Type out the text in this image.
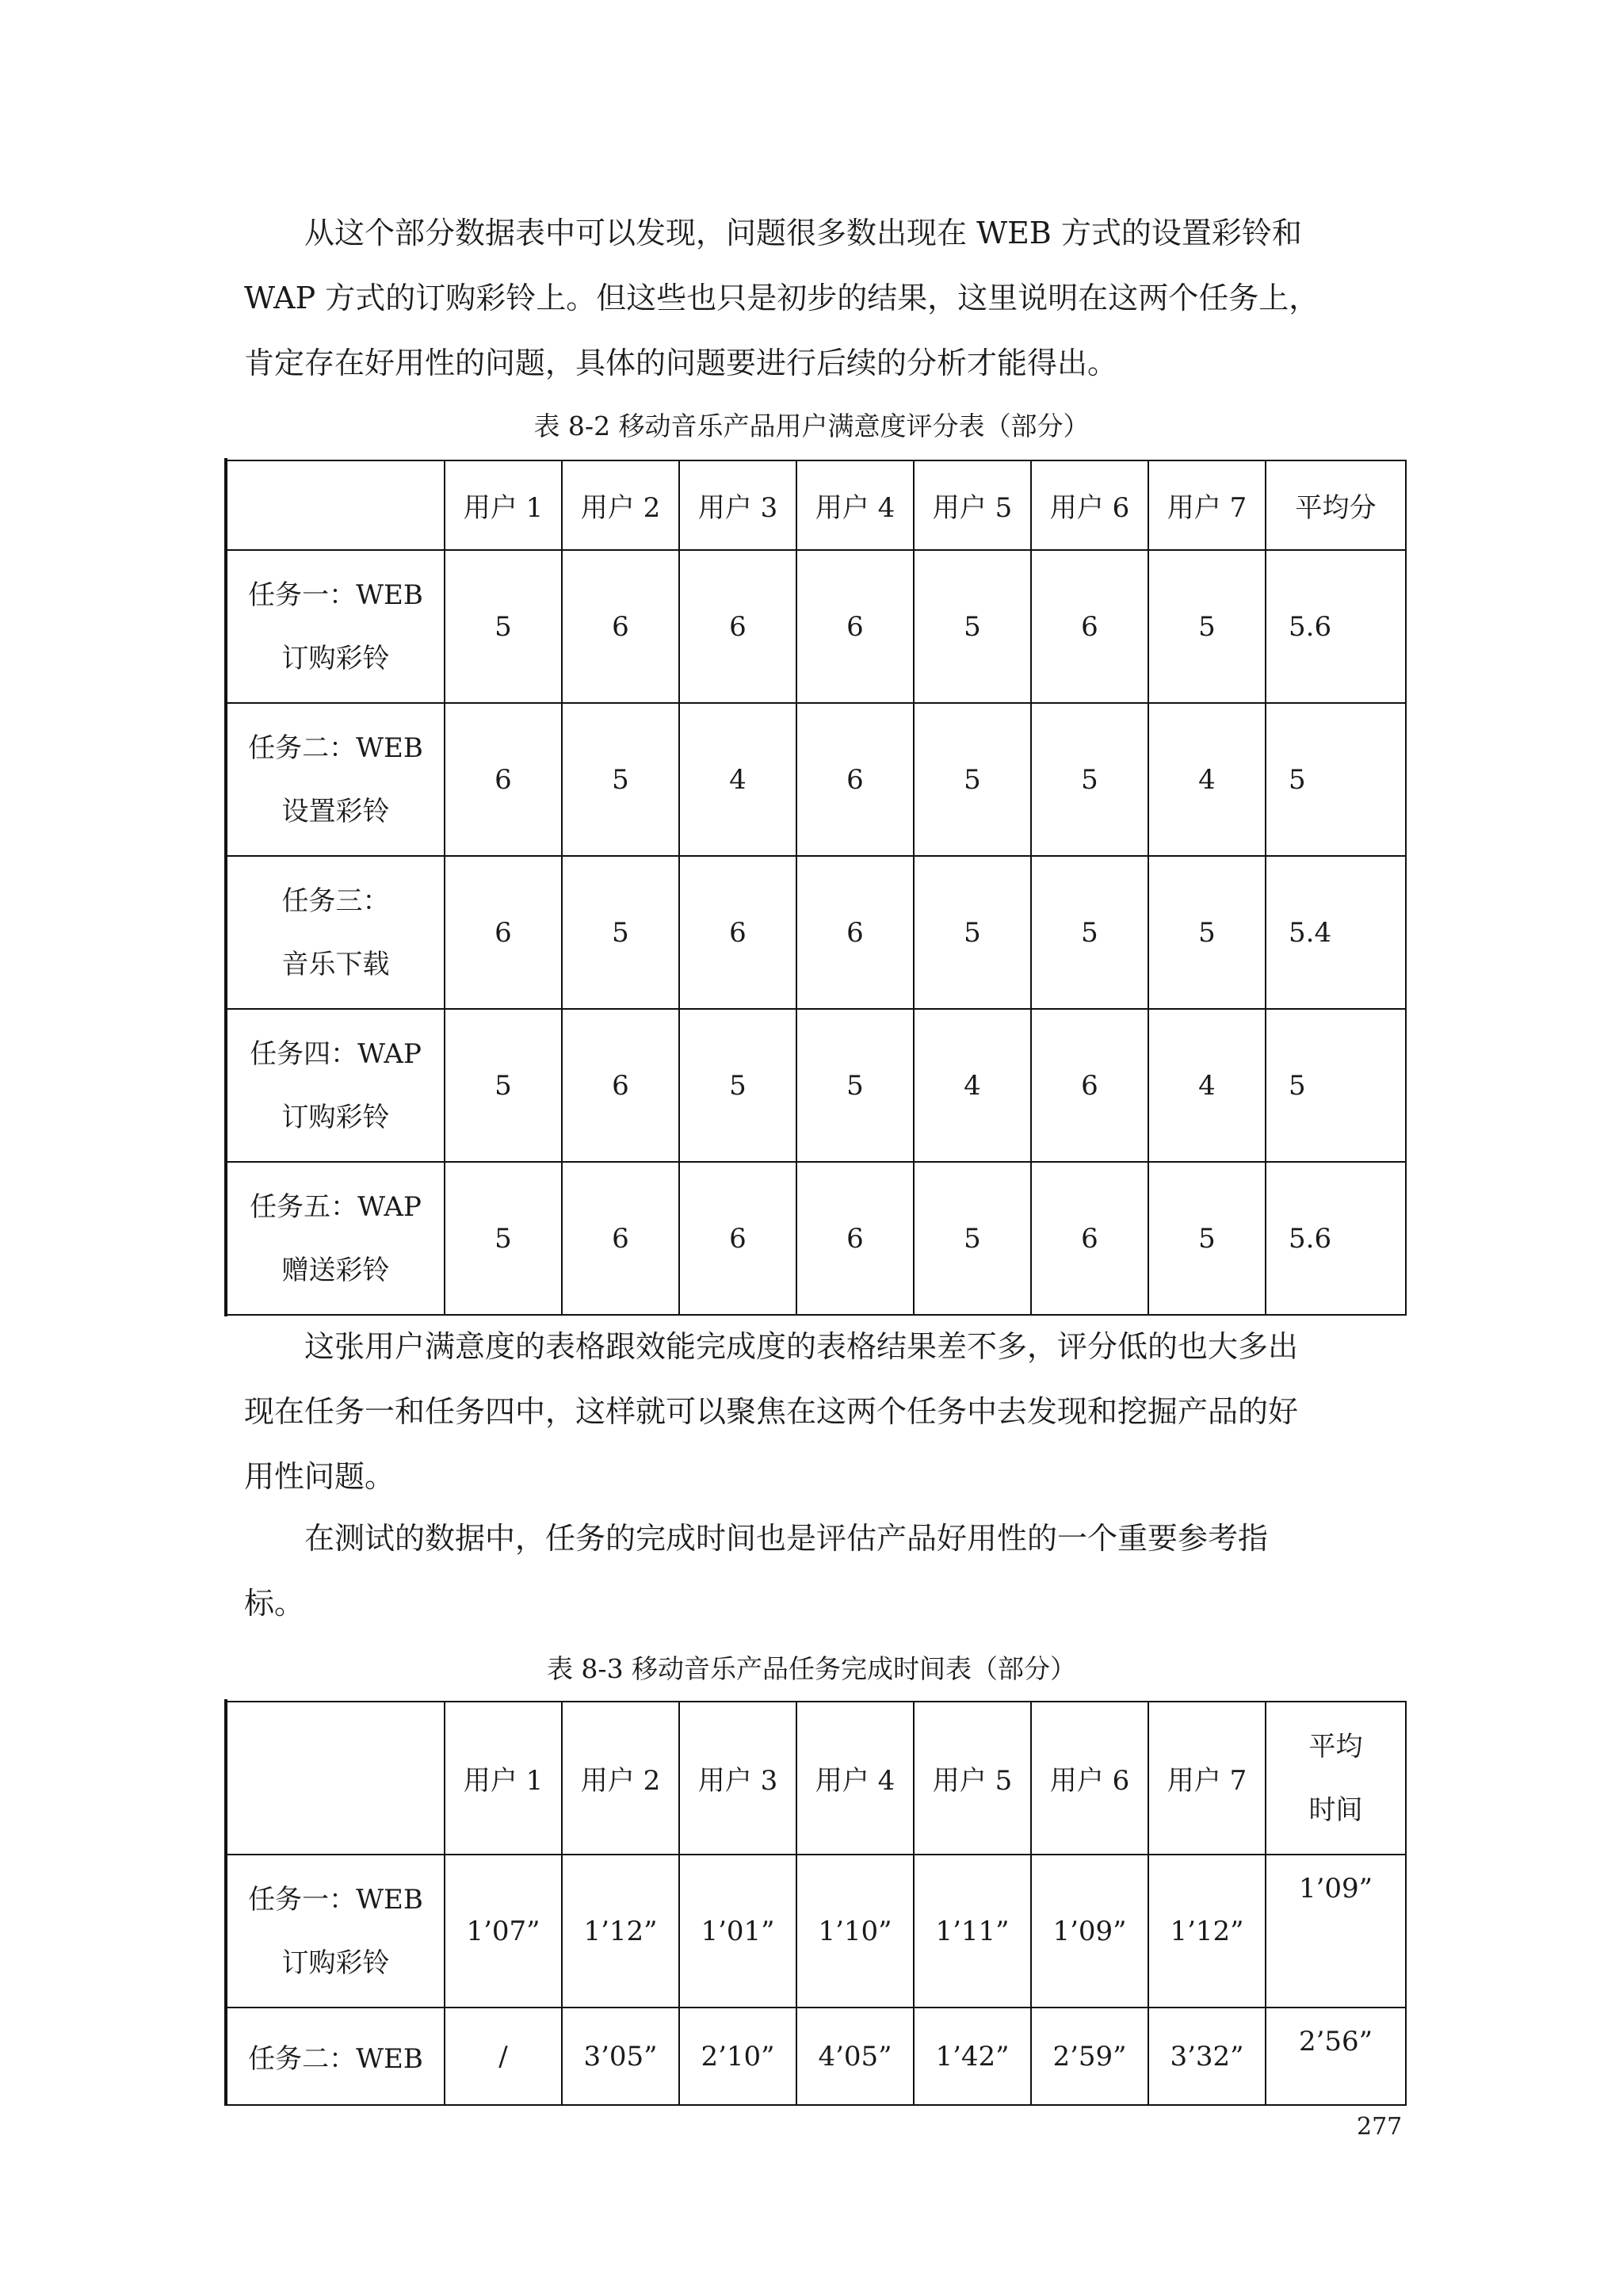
从这个部分数据表中可以发现，问题很多数出现在 WEB 方式的设置彩铃和
WAP 方式的订购彩铃上。但这些也只是初步的结果，这里说明在这两个任务上，
肯定存在好用性的问题，具体的问题要进行后续的分析才能得出。

表 8-2 移动音乐产品用户满意度评分表（部分）

	用户 1	用户 2	用户 3	用户 4	用户 5	用户 6	用户 7	平均分

任务一：WEB
订购彩铃	5	6	6	6	5	6	5	5.6

任务二：WEB
设置彩铃	6	5	4	6	5	5	4	5

任务三：
音乐下载	6	5	6	6	5	5	5	5.4

任务四：WAP
订购彩铃	5	6	5	5	4	6	4	5

任务五：WAP
赠送彩铃	5	6	6	6	5	6	5	5.6
这张用户满意度的表格跟效能完成度的表格结果差不多，评分低的也大多出
现在任务一和任务四中，这样就可以聚焦在这两个任务中去发现和挖掘产品的好
用性问题。
在测试的数据中，任务的完成时间也是评估产品好用性的一个重要参考指
标。

表 8-3 移动音乐产品任务完成时间表（部分）

	用户 1	用户 2	用户 3	用户 4	用户 5	用户 6	用户 7	平均
时间

任务一：WEB
订购彩铃	1’07”	1’12”	1’01”	1’10”	1’11”	1’09”	1’12”	1’09”

任务二：WEB	/	3’05”	2’10”	4’05”	1’42”	2’59”	3’32”	2’56”
277
